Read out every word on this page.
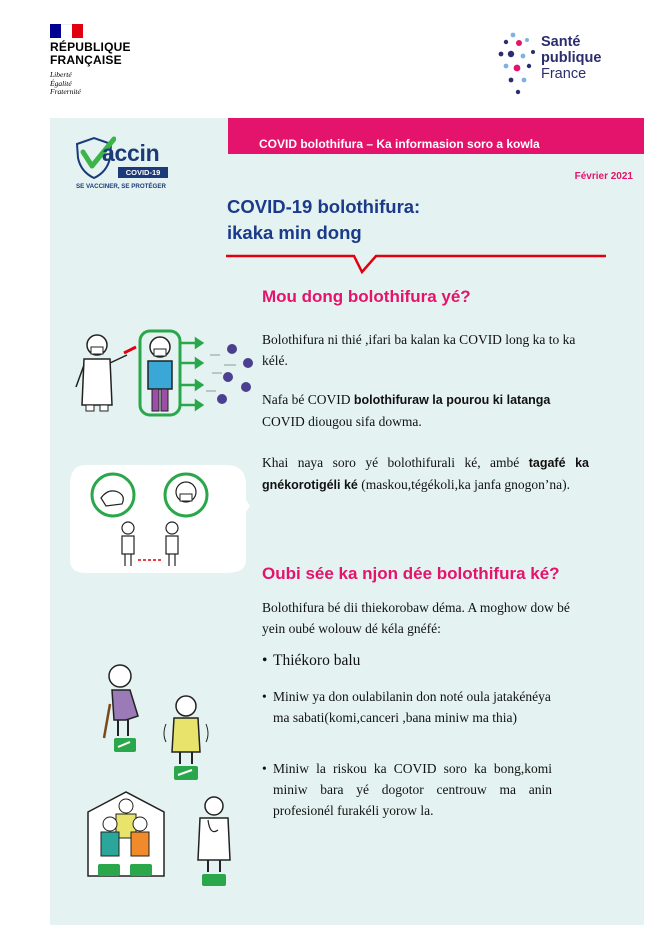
RÉPUBLIQUE
FRANÇAISE
Liberté
Égalité
Fraternité
Santé
publique
France
COVID bolothifura – Ka informasion soro a kowla
Février 2021
accin
COVID-19
SE VACCINER, SE PROTÉGER
COVID-19 bolothifura:
ikaka min dong
Mou dong bolothifura yé?
Bolothifura ni thié ,ifari ba kalan ka COVID long ka to ka kélé.
Nafa bé COVID bolothifuraw la pourou ki latanga COVID diougou sifa dowma.
Khai naya soro yé bolothifurali ké, ambé tagafé ka gnékorotigéli ké (maskou,tégékoli,ka janfa gnogon’na).
Oubi sée ka njon dée bolothifura ké?
Bolothifura bé dii thiekorobaw déma. A moghow dow bé yein oubé wolouw dé kéla gnéfé:
• Thiékoro balu
• Miniw ya don oulabilanin don noté oula jatakénéya ma sabati(komi,canceri ,bana miniw ma thia)
• Miniw la riskou ka COVID soro ka bong,komi miniw bara yé dogotor centrouw ma anin profesionél furakéli yorow la.
